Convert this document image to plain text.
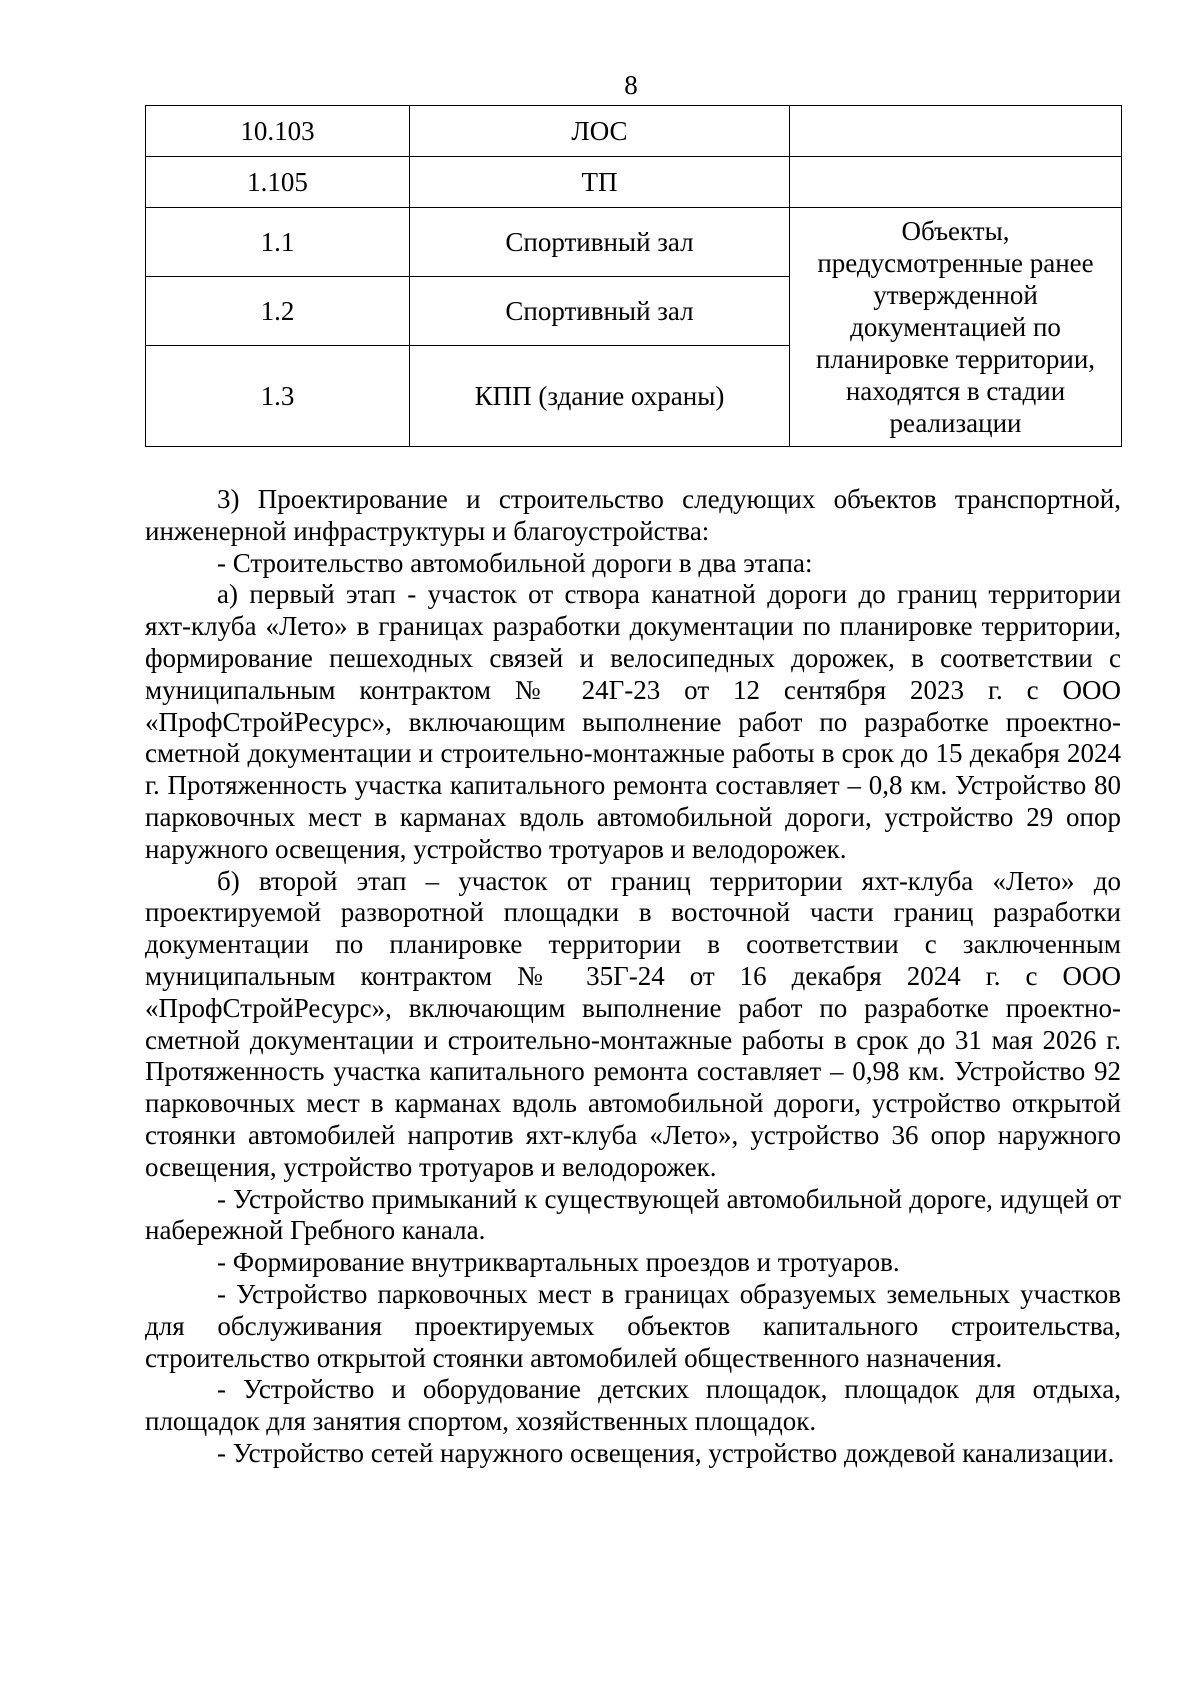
8
10.103	ЛОС	
1.105	ТП	
1.1	Спортивный зал	Объекты, предусмотренные ранее утвержденной документацией по планировке территории, находятся в стадии реализации
1.2	Спортивный зал	
1.3	КПП (здание охраны)	

3) Проектирование и строительство следующих объектов транспортной, инженерной инфраструктуры и благоустройства:

- Строительство автомобильной дороги в два этапа:

а) первый этап - участок от створа канатной дороги до границ территории яхт-клуба «Лето» в границах разработки документации по планировке территории, формирование пешеходных связей и велосипедных дорожек, в соответствии с муниципальным контрактом № 24Г-23 от 12 сентября 2023 г. с ООО «ПрофСтройРесурс», включающим выполнение работ по разработке проектно-сметной документации и строительно-монтажные работы в срок до 15 декабря 2024 г. Протяженность участка капитального ремонта составляет – 0,8 км. Устройство 80 парковочных мест в карманах вдоль автомобильной дороги, устройство 29 опор наружного освещения, устройство тротуаров и велодорожек.

б) второй этап – участок от границ территории яхт-клуба «Лето» до проектируемой разворотной площадки в восточной части границ разработки документации по планировке территории в соответствии с заключенным муниципальным контрактом № 35Г-24 от 16 декабря 2024 г. с ООО «ПрофСтройРесурс», включающим выполнение работ по разработке проектно-сметной документации и строительно-монтажные работы в срок до 31 мая 2026 г. Протяженность участка капитального ремонта составляет – 0,98 км. Устройство 92 парковочных мест в карманах вдоль автомобильной дороги, устройство открытой стоянки автомобилей напротив яхт-клуба «Лето», устройство 36 опор наружного освещения, устройство тротуаров и велодорожек.

- Устройство примыканий к существующей автомобильной дороге, идущей от набережной Гребного канала.

- Формирование внутриквартальных проездов и тротуаров.

- Устройство парковочных мест в границах образуемых земельных участков для обслуживания проектируемых объектов капитального строительства, строительство открытой стоянки автомобилей общественного назначения.

- Устройство и оборудование детских площадок, площадок для отдыха, площадок для занятия спортом, хозяйственных площадок.

- Устройство сетей наружного освещения, устройство дождевой канализации.
